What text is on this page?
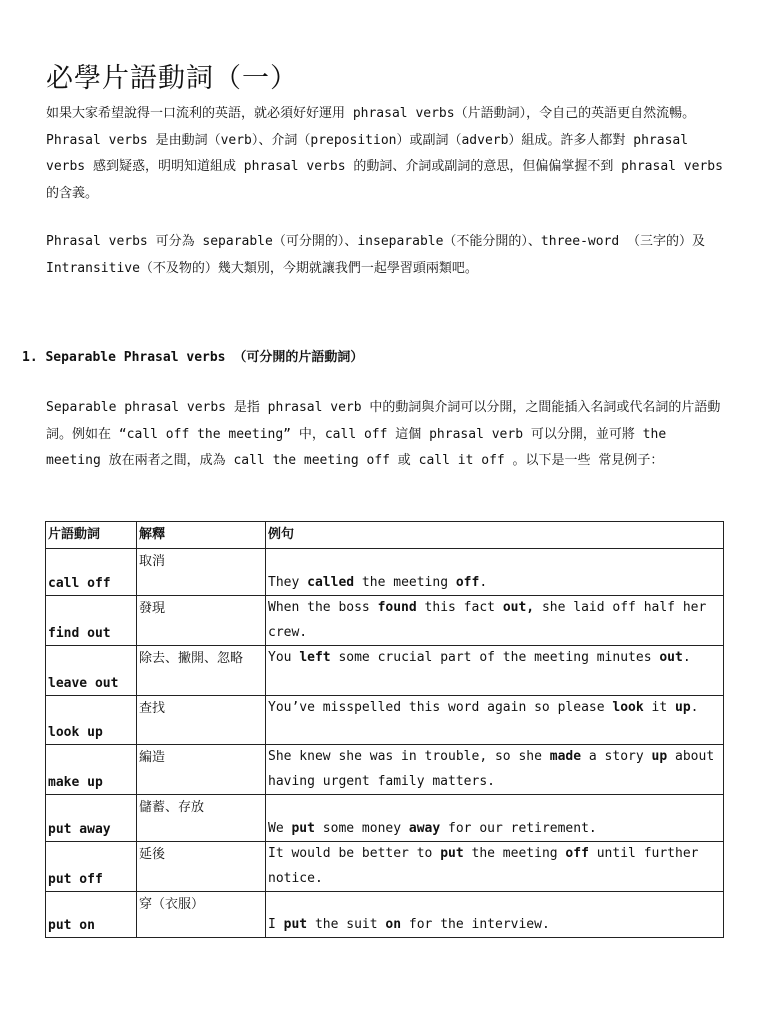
必學片語動詞（一）

如果大家希望說得一口流利的英語，就必須好好運用 phrasal verbs（片語動詞），令自己的英語更自然流暢。Phrasal verbs 是由動詞（verb）、介詞（preposition）或副詞（adverb）組成。許多人都對 phrasal verbs 感到疑惑，明明知道組成 phrasal verbs 的動詞、介詞或副詞的意思，但偏偏掌握不到 phrasal verbs 的含義。

Phrasal verbs 可分為 separable（可分開的）、inseparable（不能分開的）、three-word （三字的）及 Intransitive（不及物的）幾大類別，今期就讓我們一起學習頭兩類吧。

1. Separable Phrasal verbs （可分開的片語動詞）

Separable phrasal verbs 是指 phrasal verb 中的動詞與介詞可以分開，之間能插入名詞或代名詞的片語動詞。例如在 “call off the meeting” 中，call off 這個 phrasal verb 可以分開，並可將 the meeting 放在兩者之間，成為 call the meeting off 或 call it off 。以下是一些 常見例子：

片語動詞	解釋	例句
call off	取消	They called the meeting off.
find out	發現	When the boss found this fact out, she laid off half her crew.
leave out	除去、撇開、忽略	You left some crucial part of the meeting minutes out.
look up	查找	You’ve misspelled this word again so please look it up.
make up	編造	She knew she was in trouble, so she made a story up about having urgent family matters.
put away	儲蓄、存放	We put some money away for our retirement.
put off	延後	It would be better to put the meeting off until further notice.
put on	穿（衣服）	I put the suit on for the interview.
